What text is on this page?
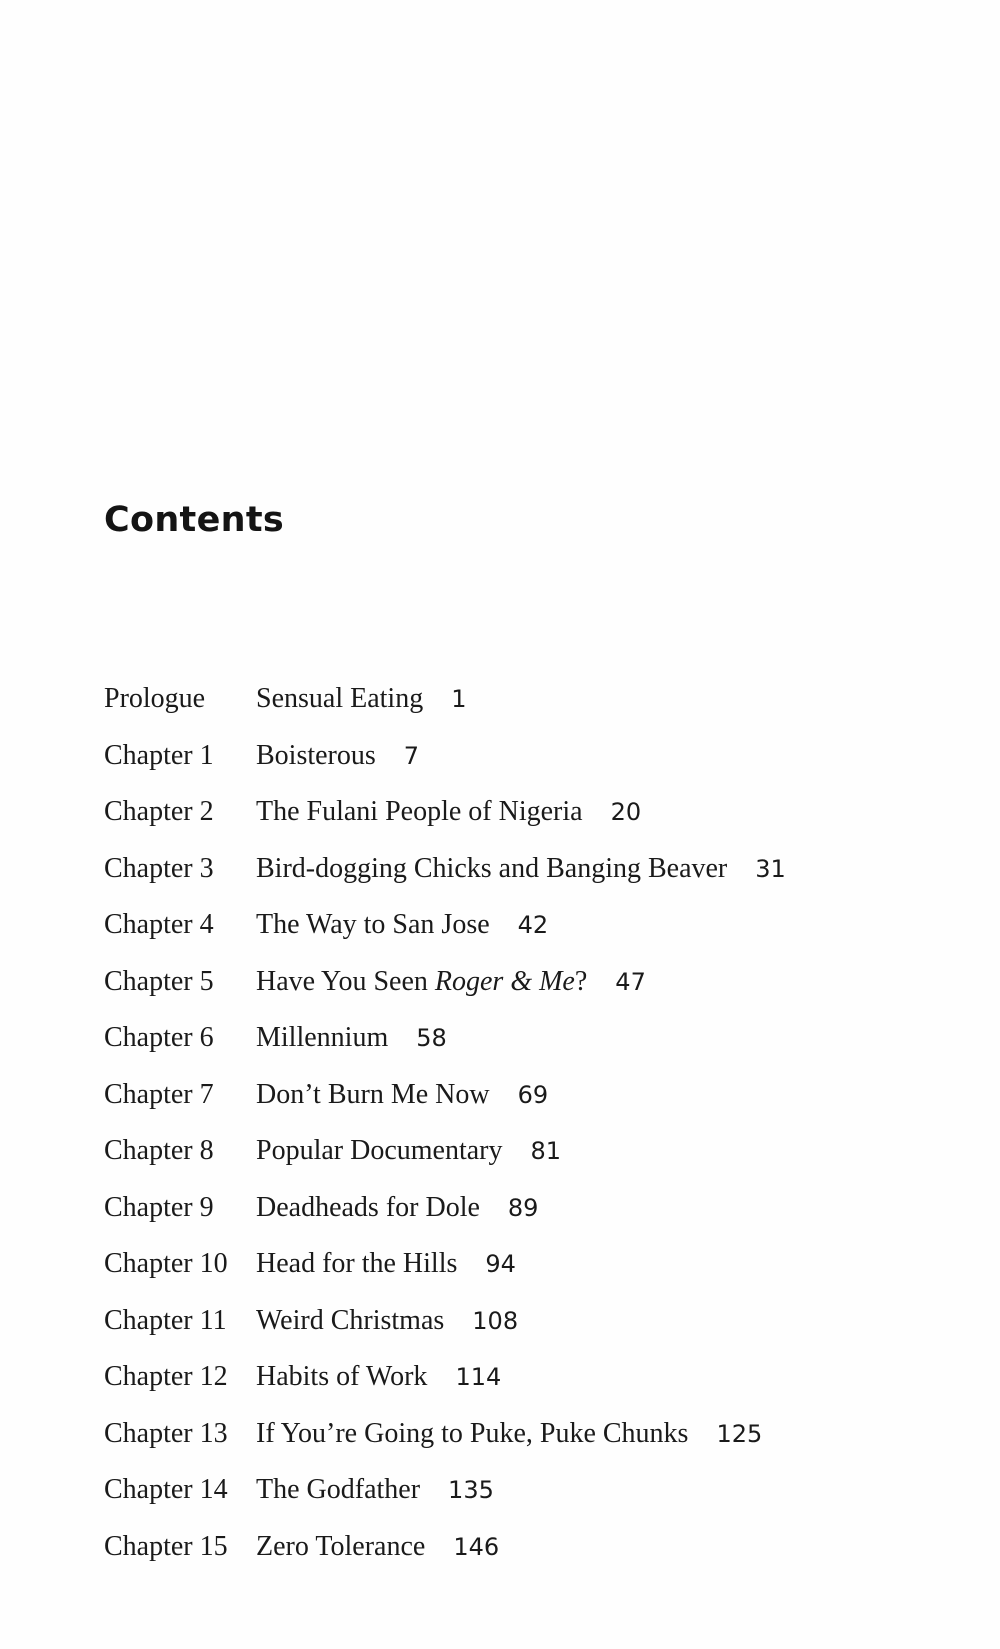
Contents
Prologue	Sensual Eating 1
Chapter 1	Boisterous 7
Chapter 2	The Fulani People of Nigeria 20
Chapter 3	Bird-dogging Chicks and Banging Beaver 31
Chapter 4	The Way to San Jose 42
Chapter 5	Have You Seen Roger & Me? 47
Chapter 6	Millennium 58
Chapter 7	Don’t Burn Me Now 69
Chapter 8	Popular Documentary 81
Chapter 9	Deadheads for Dole 89
Chapter 10	Head for the Hills 94
Chapter 11	Weird Christmas 108
Chapter 12	Habits of Work 114
Chapter 13	If You’re Going to Puke, Puke Chunks 125
Chapter 14	The Godfather 135
Chapter 15	Zero Tolerance 146
